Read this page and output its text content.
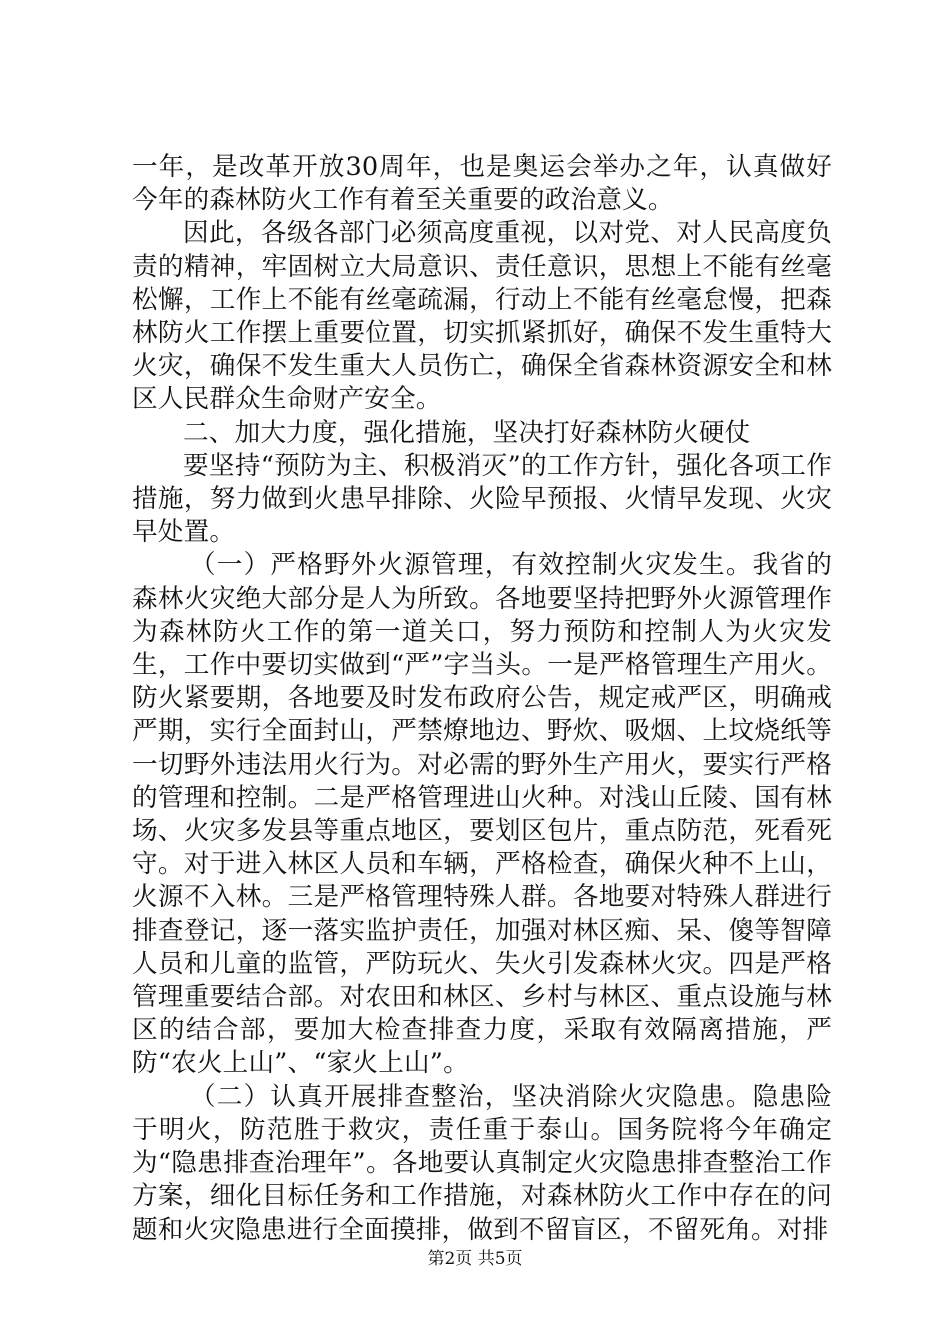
一年，是改革开放30周年，也是奥运会举办之年，认真做好今年的森林防火工作有着至关重要的政治意义。

因此，各级各部门必须高度重视，以对党、对人民高度负责的精神，牢固树立大局意识、责任意识，思想上不能有丝毫松懈，工作上不能有丝毫疏漏，行动上不能有丝毫怠慢，把森林防火工作摆上重要位置，切实抓紧抓好，确保不发生重特大火灾，确保不发生重大人员伤亡，确保全省森林资源安全和林区人民群众生命财产安全。

二、加大力度，强化措施，坚决打好森林防火硬仗

要坚持“预防为主、积极消灭”的工作方针，强化各项工作措施，努力做到火患早排除、火险早预报、火情早发现、火灾早处置。

（一）严格野外火源管理，有效控制火灾发生。我省的森林火灾绝大部分是人为所致。各地要坚持把野外火源管理作为森林防火工作的第一道关口，努力预防和控制人为火灾发生，工作中要切实做到“严”字当头。一是严格管理生产用火。防火紧要期，各地要及时发布政府公告，规定戒严区，明确戒严期，实行全面封山，严禁燎地边、野炊、吸烟、上坟烧纸等一切野外违法用火行为。对必需的野外生产用火，要实行严格的管理和控制。二是严格管理进山火种。对浅山丘陵、国有林场、火灾多发县等重点地区，要划区包片，重点防范，死看死守。对于进入林区人员和车辆，严格检查，确保火种不上山，火源不入林。三是严格管理特殊人群。各地要对特殊人群进行排查登记，逐一落实监护责任，加强对林区痴、呆、傻等智障人员和儿童的监管，严防玩火、失火引发森林火灾。四是严格管理重要结合部。对农田和林区、乡村与林区、重点设施与林区的结合部，要加大检查排查力度，采取有效隔离措施，严防“农火上山”、“家火上山”。

（二）认真开展排查整治，坚决消除火灾隐患。隐患险于明火，防范胜于救灾，责任重于泰山。国务院将今年确定为“隐患排查治理年”。各地要认真制定火灾隐患排查整治工作方案，细化目标任务和工作措施，对森林防火工作中存在的问题和火灾隐患进行全面摸排，做到不留盲区，不留死角。对排

第2页 共5页
